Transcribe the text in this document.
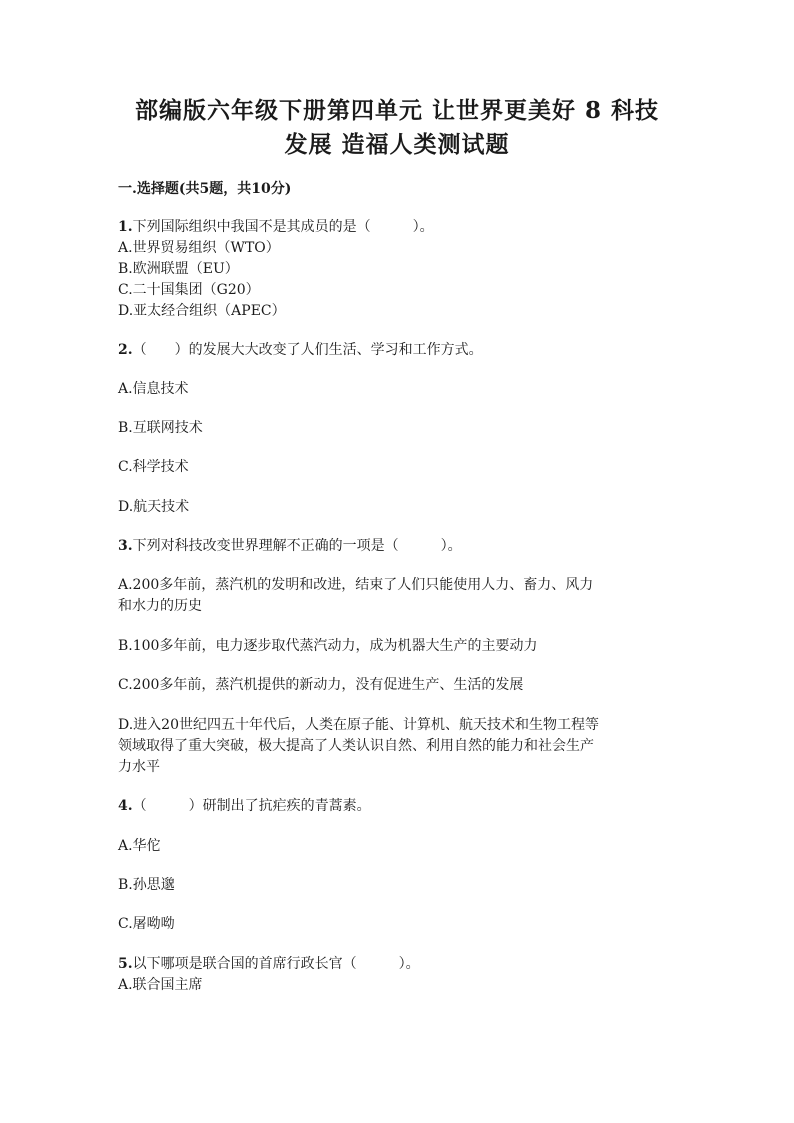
部编版六年级下册第四单元 让世界更美好 8 科技
发展 造福人类测试题
一.选择题(共5题，共10分)
1.下列国际组织中我国不是其成员的是（　　　）。
A.世界贸易组织（WTO）
B.欧洲联盟（EU）
C.二十国集团（G20）
D.亚太经合组织（APEC）
2.（　　）的发展大大改变了人们生活、学习和工作方式。
A.信息技术
B.互联网技术
C.科学技术
D.航天技术
3.下列对科技改变世界理解不正确的一项是（　　　）。
A.200多年前，蒸汽机的发明和改进，结束了人们只能使用人力、畜力、风力
和水力的历史
B.100多年前，电力逐步取代蒸汽动力，成为机器大生产的主要动力
C.200多年前，蒸汽机提供的新动力，没有促进生产、生活的发展
D.进入20世纪四五十年代后，人类在原子能、计算机、航天技术和生物工程等
领域取得了重大突破，极大提高了人类认识自然、利用自然的能力和社会生产
力水平
4.（　　　）研制出了抗疟疾的青蒿素。
A.华佗
B.孙思邈
C.屠呦呦
5.以下哪项是联合国的首席行政长官（　　　）。
A.联合国主席
